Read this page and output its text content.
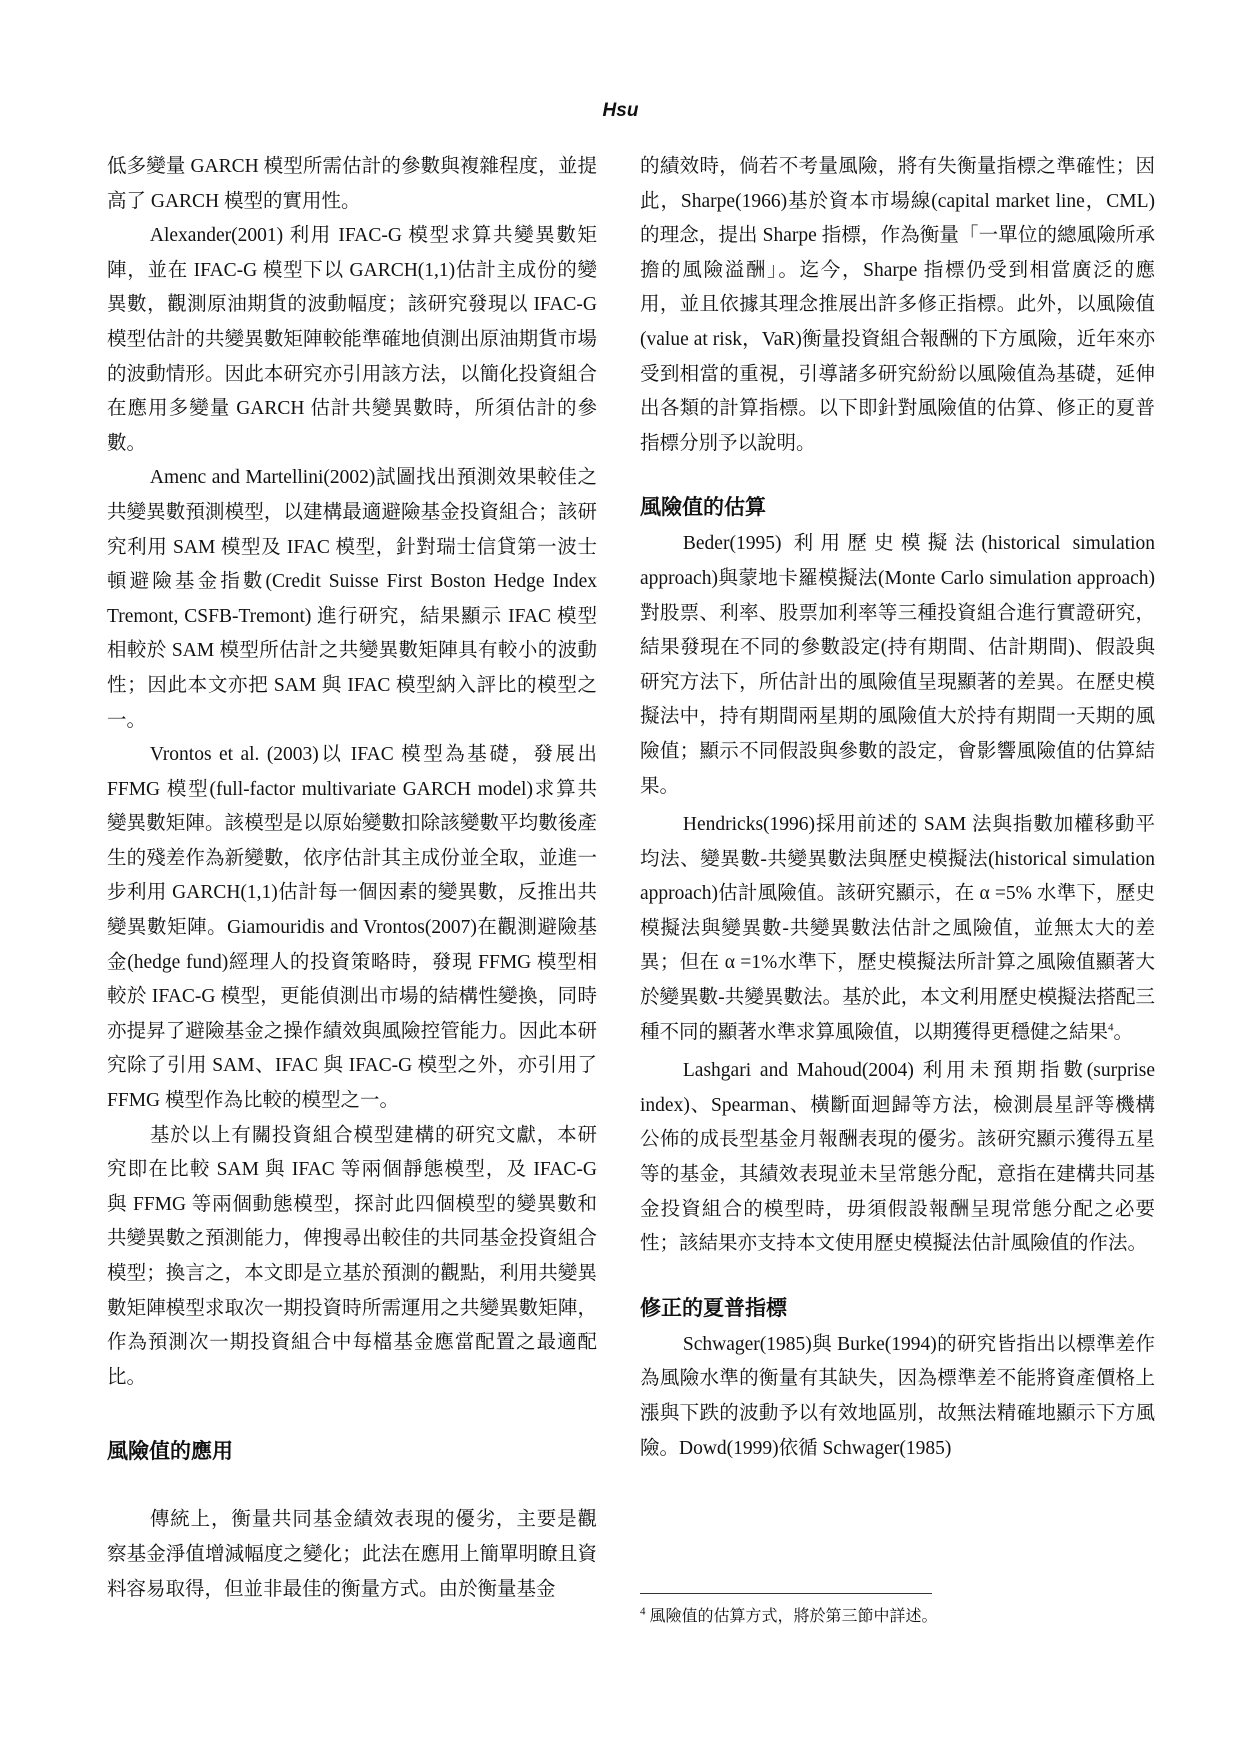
Hsu

低多變量 GARCH 模型所需估計的參數與複雜程度，並提高了 GARCH 模型的實用性。

Alexander(2001) 利用 IFAC-G 模型求算共變異數矩陣，並在 IFAC-G 模型下以 GARCH(1,1)估計主成份的變異數，觀測原油期貨的波動幅度；該研究發現以 IFAC-G 模型估計的共變異數矩陣較能準確地偵測出原油期貨市場的波動情形。因此本研究亦引用該方法，以簡化投資組合在應用多變量 GARCH 估計共變異數時，所須估計的參數。

Amenc and Martellini(2002)試圖找出預測效果較佳之共變異數預測模型，以建構最適避險基金投資組合；該研究利用 SAM 模型及 IFAC 模型，針對瑞士信貸第一波士頓避險基金指數(Credit Suisse First Boston Hedge Index Tremont, CSFB-Tremont) 進行研究，結果顯示 IFAC 模型相較於 SAM 模型所估計之共變異數矩陣具有較小的波動性；因此本文亦把 SAM 與 IFAC 模型納入評比的模型之一。

Vrontos et al. (2003)以 IFAC 模型為基礎，發展出 FFMG 模型(full-factor multivariate GARCH model)求算共變異數矩陣。該模型是以原始變數扣除該變數平均數後產生的殘差作為新變數，依序估計其主成份並全取，並進一步利用 GARCH(1,1)估計每一個因素的變異數，反推出共變異數矩陣。Giamouridis and Vrontos(2007)在觀測避險基金(hedge fund)經理人的投資策略時，發現 FFMG 模型相較於 IFAC-G 模型，更能偵測出市場的結構性變換，同時亦提昇了避險基金之操作績效與風險控管能力。因此本研究除了引用 SAM、IFAC 與 IFAC-G 模型之外，亦引用了 FFMG 模型作為比較的模型之一。

基於以上有關投資組合模型建構的研究文獻，本研究即在比較 SAM 與 IFAC 等兩個靜態模型，及 IFAC-G 與 FFMG 等兩個動態模型，探討此四個模型的變異數和共變異數之預測能力，俾搜尋出較佳的共同基金投資組合模型；換言之，本文即是立基於預測的觀點，利用共變異數矩陣模型求取次一期投資時所需運用之共變異數矩陣，作為預測次一期投資組合中每檔基金應當配置之最適配比。

風險值的應用

傳統上，衡量共同基金績效表現的優劣，主要是觀察基金淨值增減幅度之變化；此法在應用上簡單明瞭且資料容易取得，但並非最佳的衡量方式。由於衡量基金

的績效時，倘若不考量風險，將有失衡量指標之準確性；因此，Sharpe(1966)基於資本市場線(capital market line，CML)的理念，提出 Sharpe 指標，作為衡量「一單位的總風險所承擔的風險溢酬」。迄今，Sharpe 指標仍受到相當廣泛的應用，並且依據其理念推展出許多修正指標。此外，以風險值(value at risk，VaR)衡量投資組合報酬的下方風險，近年來亦受到相當的重視，引導諸多研究紛紛以風險值為基礎，延伸出各類的計算指標。以下即針對風險值的估算、修正的夏普指標分別予以說明。

風險值的估算

Beder(1995) 利用歷史模擬法(historical simulation approach)與蒙地卡羅模擬法(Monte Carlo simulation approach)對股票、利率、股票加利率等三種投資組合進行實證研究，結果發現在不同的參數設定(持有期間、估計期間)、假設與研究方法下，所估計出的風險值呈現顯著的差異。在歷史模擬法中，持有期間兩星期的風險值大於持有期間一天期的風險值；顯示不同假設與參數的設定，會影響風險值的估算結果。

Hendricks(1996)採用前述的 SAM 法與指數加權移動平均法、變異數-共變異數法與歷史模擬法(historical simulation approach)估計風險值。該研究顯示，在 α =5% 水準下，歷史模擬法與變異數-共變異數法估計之風險值，並無太大的差異；但在 α =1%水準下，歷史模擬法所計算之風險值顯著大於變異數-共變異數法。基於此，本文利用歷史模擬法搭配三種不同的顯著水準求算風險值，以期獲得更穩健之結果$^4$。

Lashgari and Mahoud(2004) 利用未預期指數(surprise index)、Spearman、橫斷面迴歸等方法，檢測晨星評等機構公佈的成長型基金月報酬表現的優劣。該研究顯示獲得五星等的基金，其績效表現並未呈常態分配，意指在建構共同基金投資組合的模型時，毋須假設報酬呈現常態分配之必要性；該結果亦支持本文使用歷史模擬法估計風險值的作法。

修正的夏普指標

Schwager(1985)與 Burke(1994)的研究皆指出以標準差作為風險水準的衡量有其缺失，因為標準差不能將資產價格上漲與下跌的波動予以有效地區別，故無法精確地顯示下方風險。Dowd(1999)依循 Schwager(1985)

$^4$ 風險值的估算方式，將於第三節中詳述。
